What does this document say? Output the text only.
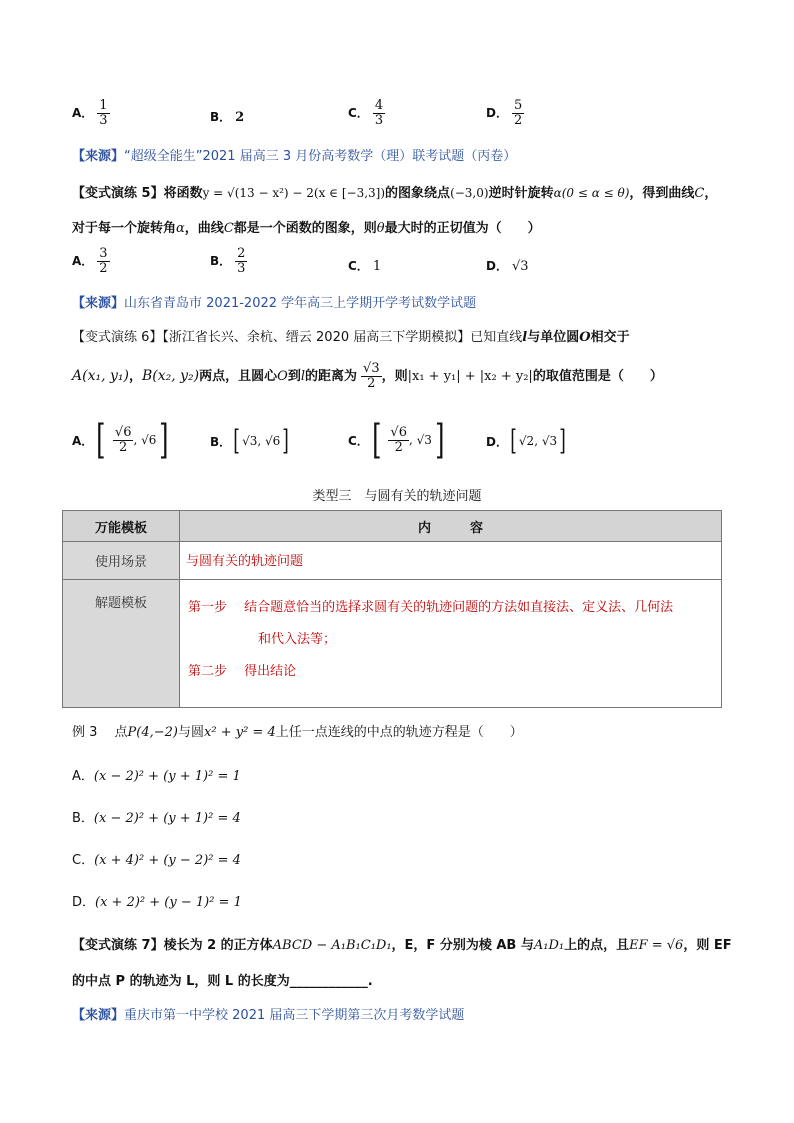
A． $\frac{1}{3}$	B． 2	C． $\frac{4}{3}$	D． $\frac{5}{2}$
【来源】“超级全能生”2021 届高三 3 月份高考数学（理）联考试题（丙卷）
【变式演练 5】将函数y = √(13 − x²) − 2(x ∈ [−3,3])的图象绕点(−3,0)逆时针旋转α(0 ≤ α ≤ θ)，得到曲线C，
对于每一个旋转角α，曲线C都是一个函数的图象，则θ最大时的正切值为（　　）
A． $\frac{3}{2}$	B． $\frac{2}{3}$	C． 1	D． √3
【来源】山东省青岛市 2021-2022 学年高三上学期开学考试数学试题
【变式演练 6】【浙江省长兴、余杭、缙云 2020 届高三下学期模拟】已知直线l与单位圆O相交于
A(x₁, y₁)，B(x₂, y₂)两点，且圆心O到l的距离为 $\frac{√3}{2}$ ，则|x₁ + y₁| + |x₂ + y₂|的取值范围是（　　）
A． [ $\frac{√6}{2}$ , √6 ]	B． [ √3, √6 ]	C． [ $\frac{√6}{2}$ , √3 ]	D． [ √2, √3 ]
类型三　与圆有关的轨迹问题
万能模板	内　　　容
使用场景	与圆有关的轨迹问题
解题模板	第一步　 结合题意恰当的选择求圆有关的轨迹问题的方法如直接法、定义法、几何法
和代入法等；
第二步　 得出结论
例 3　 点P(4,−2)与圆x² + y² = 4上任一点连线的中点的轨迹方程是（　　）
A．(x − 2)² + (y + 1)² = 1
B．(x − 2)² + (y + 1)² = 4
C．(x + 4)² + (y − 2)² = 4
D．(x + 2)² + (y − 1)² = 1
【变式演练 7】棱长为 2 的正方体ABCD − A₁B₁C₁D₁，E，F 分别为棱 AB 与A₁D₁上的点，且EF = √6，则 EF
的中点 P 的轨迹为 L，则 L 的长度为____________.
【来源】重庆市第一中学校 2021 届高三下学期第三次月考数学试题
